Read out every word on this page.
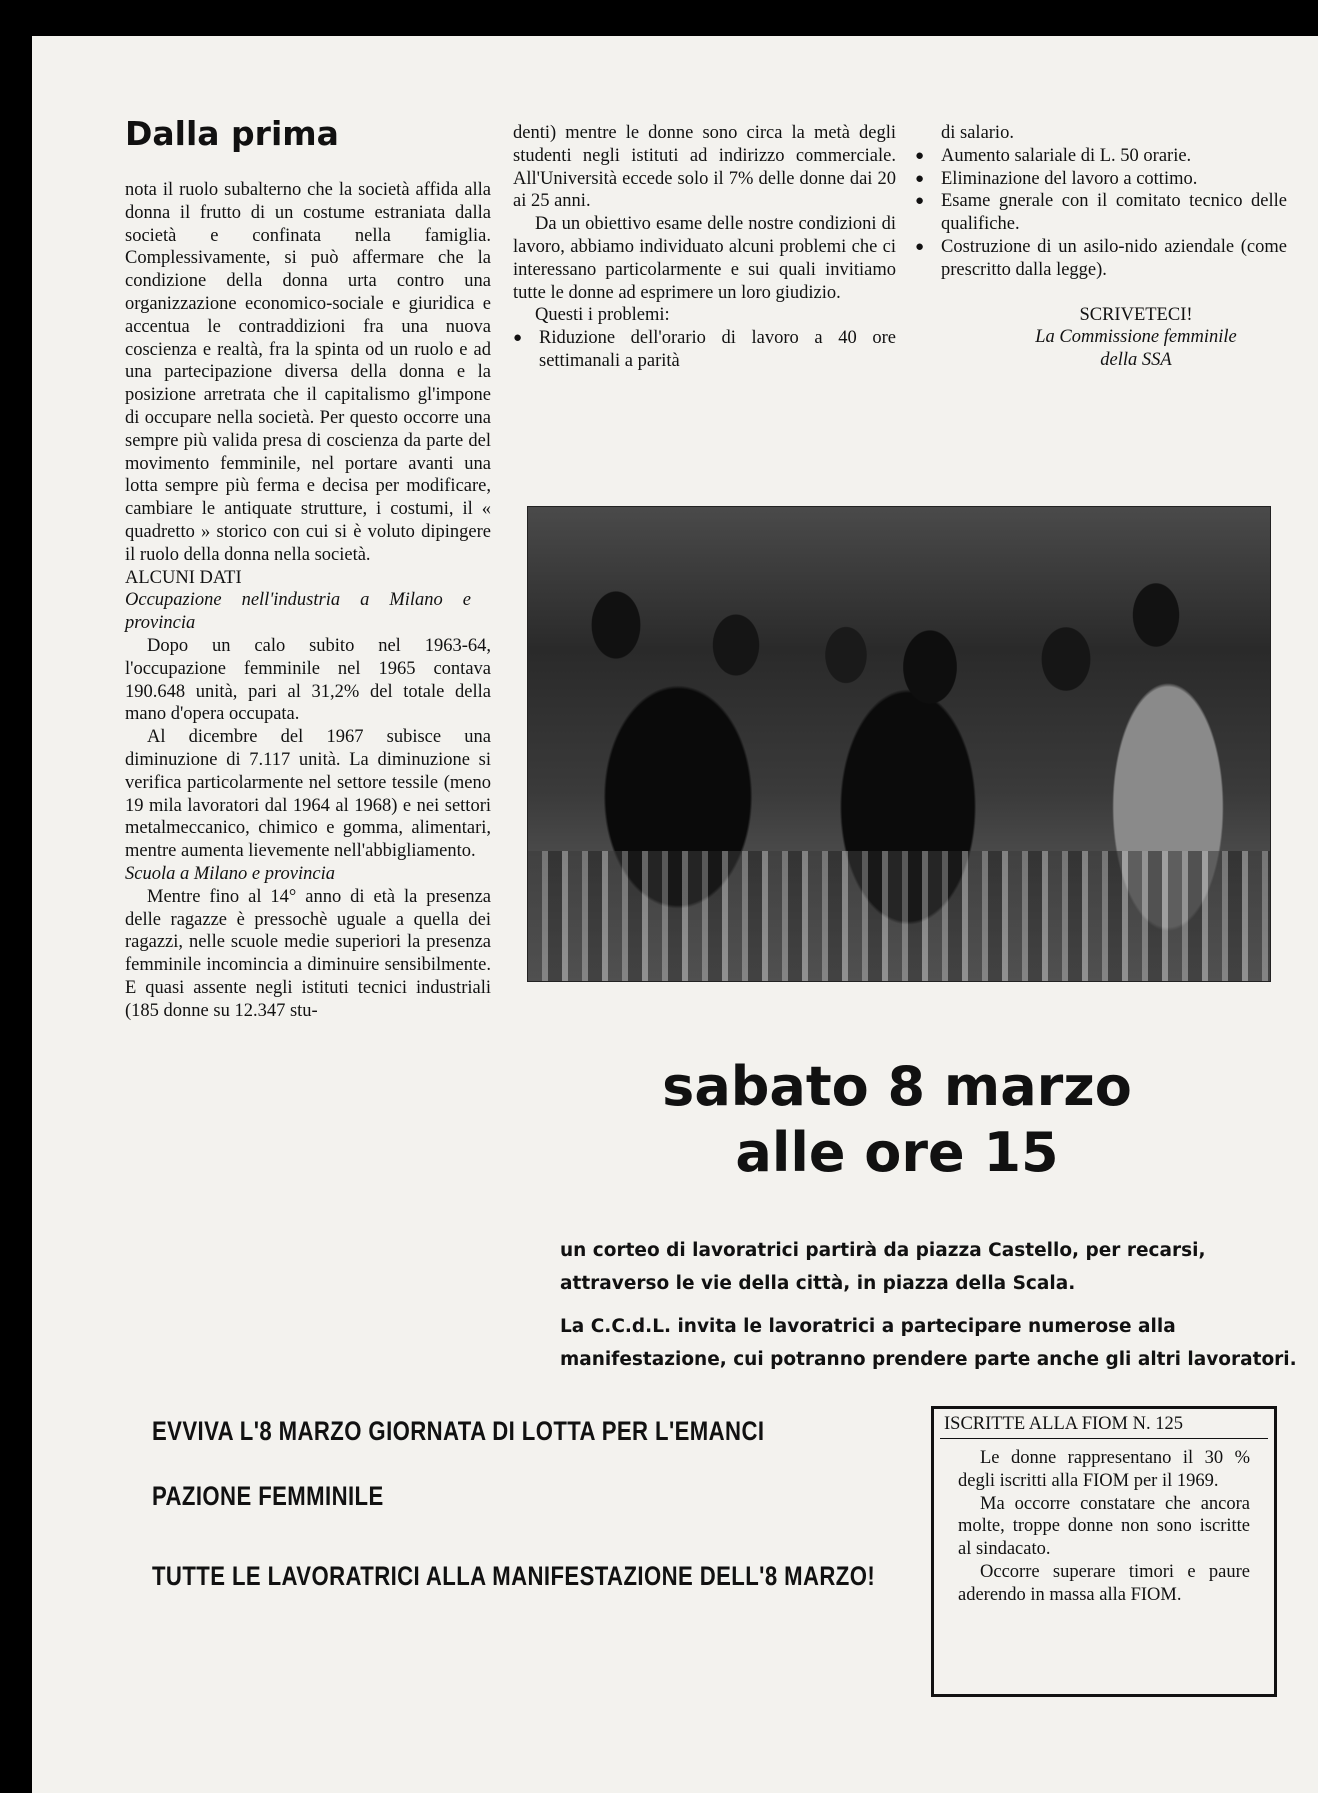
Dalla prima

nota il ruolo subalterno che la società affida alla donna il frutto di un costume estraniata dalla società e confinata nella famiglia. Complessivamente, si può affermare che la condizione della donna urta contro una organizzazione economico-sociale e giuridica e accentua le contraddizioni fra una nuova coscienza e realtà, fra la spinta od un ruolo e ad una partecipazione diversa della donna e la posizione arretrata che il capitalismo gl'impone di occupare nella società. Per questo occorre una sempre più valida presa di coscienza da parte del movimento femminile, nel portare avanti una lotta sempre più ferma e decisa per modificare, cambiare le antiquate strutture, i costumi, il « quadretto » storico con cui si è voluto dipingere il ruolo della donna nella società.

ALCUNI DATI

Occupazione nell'industria a Milano e provincia

Dopo un calo subito nel 1963-64, l'occupazione femminile nel 1965 contava 190.648 unità, pari al 31,2% del totale della mano d'opera occupata.

Al dicembre del 1967 subisce una diminuzione di 7.117 unità. La diminuzione si verifica particolarmente nel settore tessile (meno 19 mila lavoratori dal 1964 al 1968) e nei settori metalmeccanico, chimico e gomma, alimentari, mentre aumenta lievemente nell'abbigliamento.

Scuola a Milano e provincia

Mentre fino al 14° anno di età la presenza delle ragazze è pressochè uguale a quella dei ragazzi, nelle scuole medie superiori la presenza femminile incomincia a diminuire sensibilmente. E quasi assente negli istituti tecnici industriali (185 donne su 12.347 stu-

denti) mentre le donne sono circa la metà degli studenti negli istituti ad indirizzo commerciale. All'Università eccede solo il 7% delle donne dai 20 ai 25 anni.

Da un obiettivo esame delle nostre condizioni di lavoro, abbiamo individuato alcuni problemi che ci interessano particolarmente e sui quali invitiamo tutte le donne ad esprimere un loro giudizio.

Questi i problemi:

● Riduzione dell'orario di lavoro a 40 ore settimanali a parità

di salario.

● Aumento salariale di L. 50 orarie.
● Eliminazione del lavoro a cottimo.
● Esame gnerale con il comitato tecnico delle qualifiche.
● Costruzione di un asilo-nido aziendale (come prescritto dalla legge).
SCRIVETECI!
La Commissione femminile
della SSA
sabato 8 marzo
alle ore 15

un corteo di lavoratrici partirà da piazza Castello, per recarsi, attraverso le vie della città, in piazza della Scala.

La C.C.d.L. invita le lavoratrici a partecipare numerose alla manifestazione, cui potranno prendere parte anche gli altri lavoratori.

EVVIVA L'8 MARZO GIORNATA DI LOTTA PER L'EMANCI

PAZIONE FEMMINILE

TUTTE LE LAVORATRICI ALLA MANIFESTAZIONE DELL'8 MARZO!

ISCRITTE ALLA FIOM N. 125

Le donne rappresentano il 30 % degli iscritti alla FIOM per il 1969.

Ma occorre constatare che ancora molte, troppe donne non sono iscritte al sindacato.

Occorre superare timori e paure aderendo in massa alla FIOM.
